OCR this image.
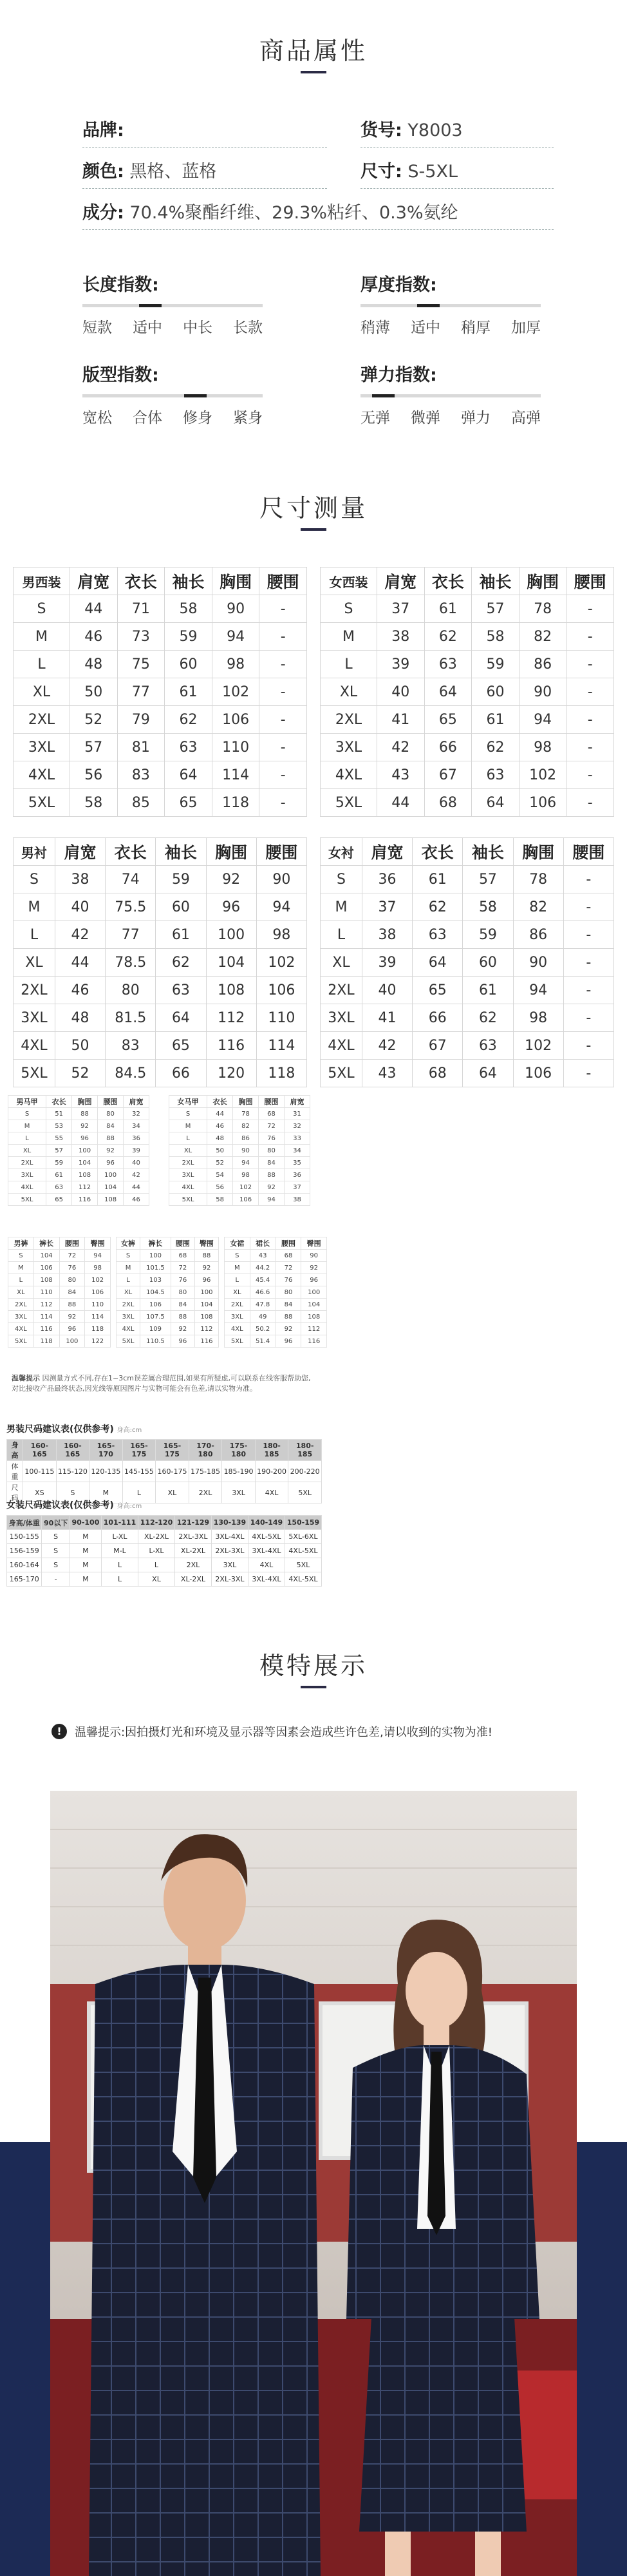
商品属性
品牌:	货号: Y8003
颜色: 黑格、蓝格	尺寸: S-5XL
成分: 70.4%聚酯纤维、29.3%粘纤、0.3%氨纶
长度指数:
短款 适中 中长 长款
厚度指数:
稍薄 适中 稍厚 加厚
版型指数:
宽松 合体 修身 紧身
弹力指数:
无弹 微弹 弹力 高弹
尺寸测量
男西装	肩宽	衣长	袖长	胸围	腰围
S	44	71	58	90	-
M	46	73	59	94	-
L	48	75	60	98	-
XL	50	77	61	102	-
2XL	52	79	62	106	-
3XL	57	81	63	110	-
4XL	56	83	64	114	-
5XL	58	85	65	118	-
女西装	肩宽	衣长	袖长	胸围	腰围
S	37	61	57	78	-
M	38	62	58	82	-
L	39	63	59	86	-
XL	40	64	60	90	-
2XL	41	65	61	94	-
3XL	42	66	62	98	-
4XL	43	67	63	102	-
5XL	44	68	64	106	-
男衬	肩宽	衣长	袖长	胸围	腰围
S	38	74	59	92	90
M	40	75.5	60	96	94
L	42	77	61	100	98
XL	44	78.5	62	104	102
2XL	46	80	63	108	106
3XL	48	81.5	64	112	110
4XL	50	83	65	116	114
5XL	52	84.5	66	120	118
女衬	肩宽	衣长	袖长	胸围	腰围
S	36	61	57	78	-
M	37	62	58	82	-
L	38	63	59	86	-
XL	39	64	60	90	-
2XL	40	65	61	94	-
3XL	41	66	62	98	-
4XL	42	67	63	102	-
5XL	43	68	64	106	-
男马甲	衣长	胸围	腰围	肩宽
S	51	88	80	32
M	53	92	84	34
L	55	96	88	36
XL	57	100	92	39
2XL	59	104	96	40
3XL	61	108	100	42
4XL	63	112	104	44
5XL	65	116	108	46
女马甲	衣长	胸围	腰围	肩宽
S	44	78	68	31
M	46	82	72	32
L	48	86	76	33
XL	50	90	80	34
2XL	52	94	84	35
3XL	54	98	88	36
4XL	56	102	92	37
5XL	58	106	94	38
男裤	裤长	腰围	臀围
S	104	72	94
M	106	76	98
L	108	80	102
XL	110	84	106
2XL	112	88	110
3XL	114	92	114
4XL	116	96	118
5XL	118	100	122
女裤	裤长	腰围	臀围
S	100	68	88
M	101.5	72	92
L	103	76	96
XL	104.5	80	100
2XL	106	84	104
3XL	107.5	88	108
4XL	109	92	112
5XL	110.5	96	116
女裙	裙长	腰围	臀围
S	43	68	90
M	44.2	72	92
L	45.4	76	96
XL	46.6	80	100
2XL	47.8	84	104
3XL	49	88	108
4XL	50.2	92	112
5XL	51.4	96	116
温馨提示 因测量方式不同,存在1~3cm误差属合理范围,如果有所疑虑,可以联系在线客服帮助您,对比接收产品最终状态,因光线等原因图片与实物可能会有色差,请以实物为准。
男装尺码建议表(仅供参考) 身高:cm
身高	160-165	160-165	165-170	165-175	165-175	170-180	175-180	180-185	180-185
体重	100-115	115-120	120-135	145-155	160-175	175-185	185-190	190-200	200-220
尺码	XS	S	M	L	XL	2XL	3XL	4XL	5XL
女装尺码建议表(仅供参考) 身高:cm
身高/体重	90以下	90-100	101-111	112-120	121-129	130-139	140-149	150-159
150-155	S	M	L-XL	XL-2XL	2XL-3XL	3XL-4XL	4XL-5XL	5XL-6XL
156-159	S	M	M-L	L-XL	XL-2XL	2XL-3XL	3XL-4XL	4XL-5XL
160-164	S	M	L	L	2XL	3XL	4XL	5XL
165-170	-	M	L	XL	XL-2XL	2XL-3XL	3XL-4XL	4XL-5XL
模特展示
!	温馨提示:因拍摄灯光和环境及显示器等因素会造成些许色差,请以收到的实物为准!
